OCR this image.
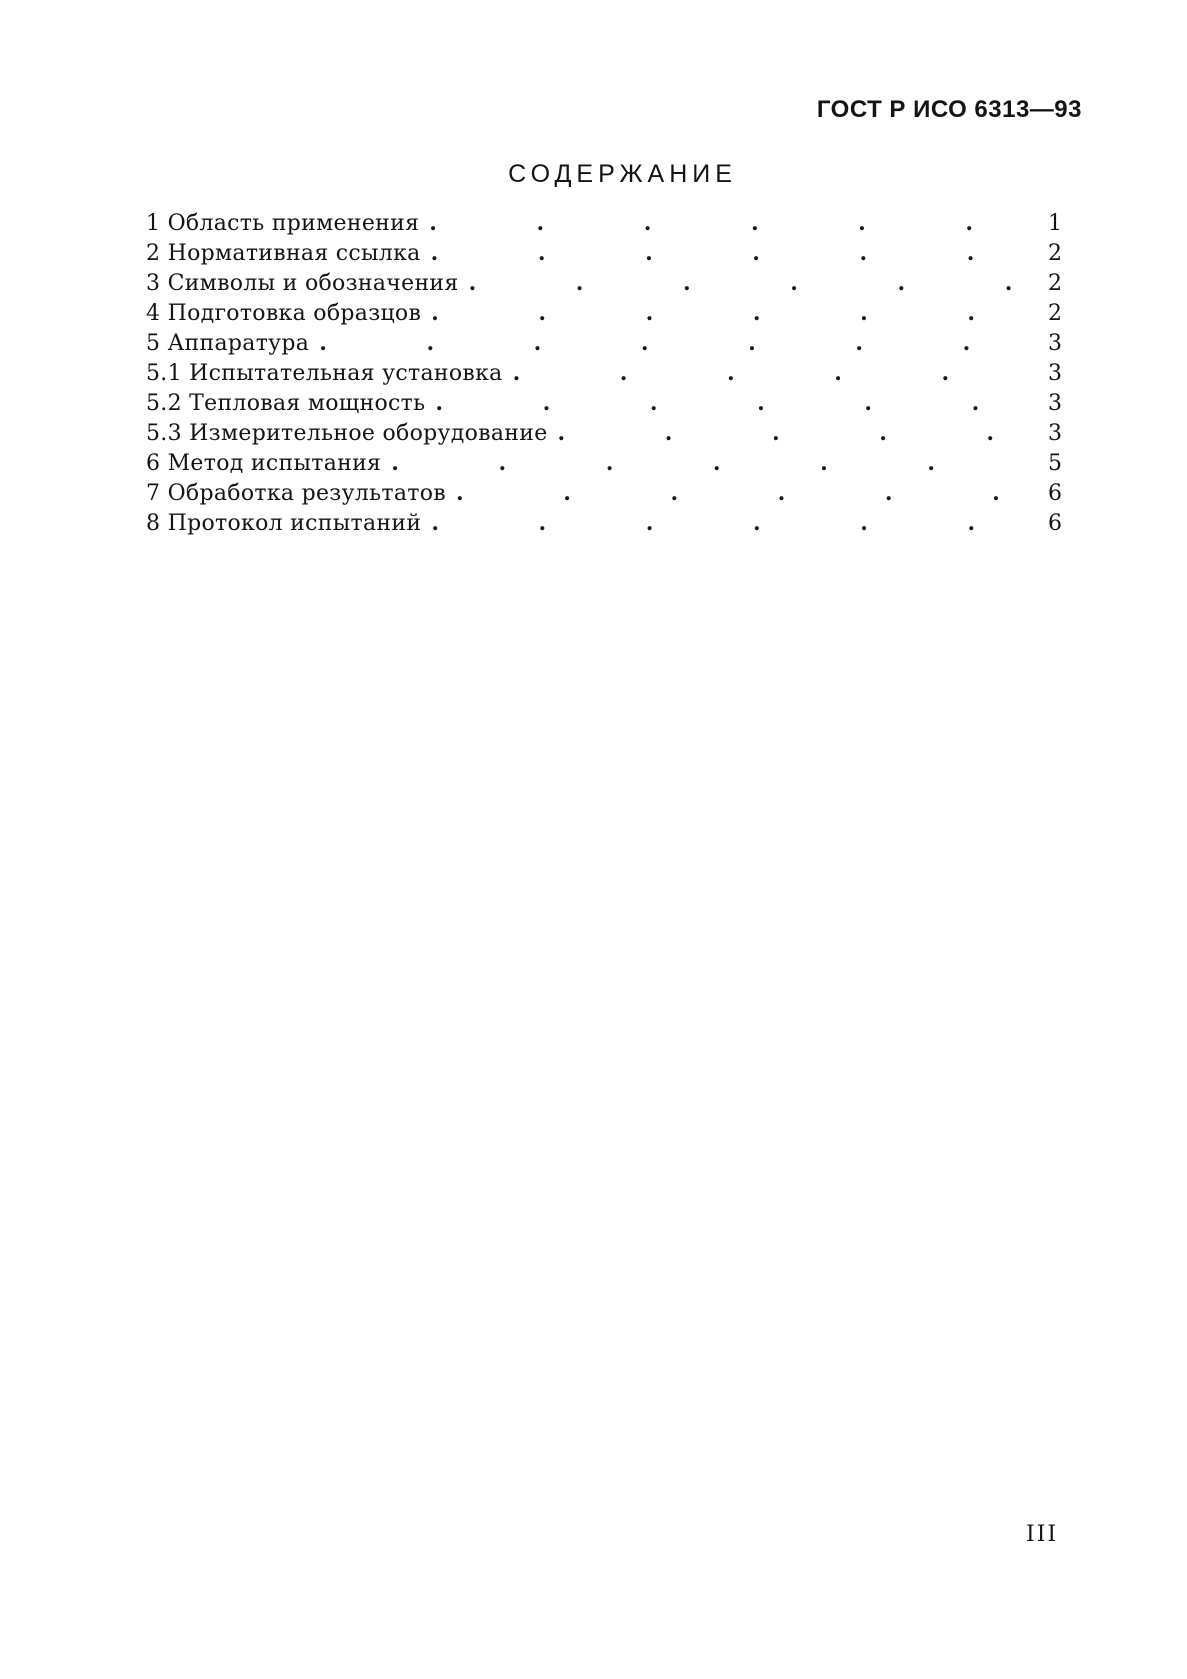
ГОСТ Р ИСО 6313—93
СОДЕРЖАНИЕ
1 Область применения .	1
2 Нормативная ссылка .	2
3 Символы и обозначения .	2
4 Подготовка образцов .	2
5 Аппаратура .	3
5.1 Испытательная установка .	3
5.2 Тепловая мощность .	3
5.3 Измерительное оборудование .	3
6 Метод испытания .	5
7 Обработка результатов .	6
8 Протокол испытаний .	6
III
